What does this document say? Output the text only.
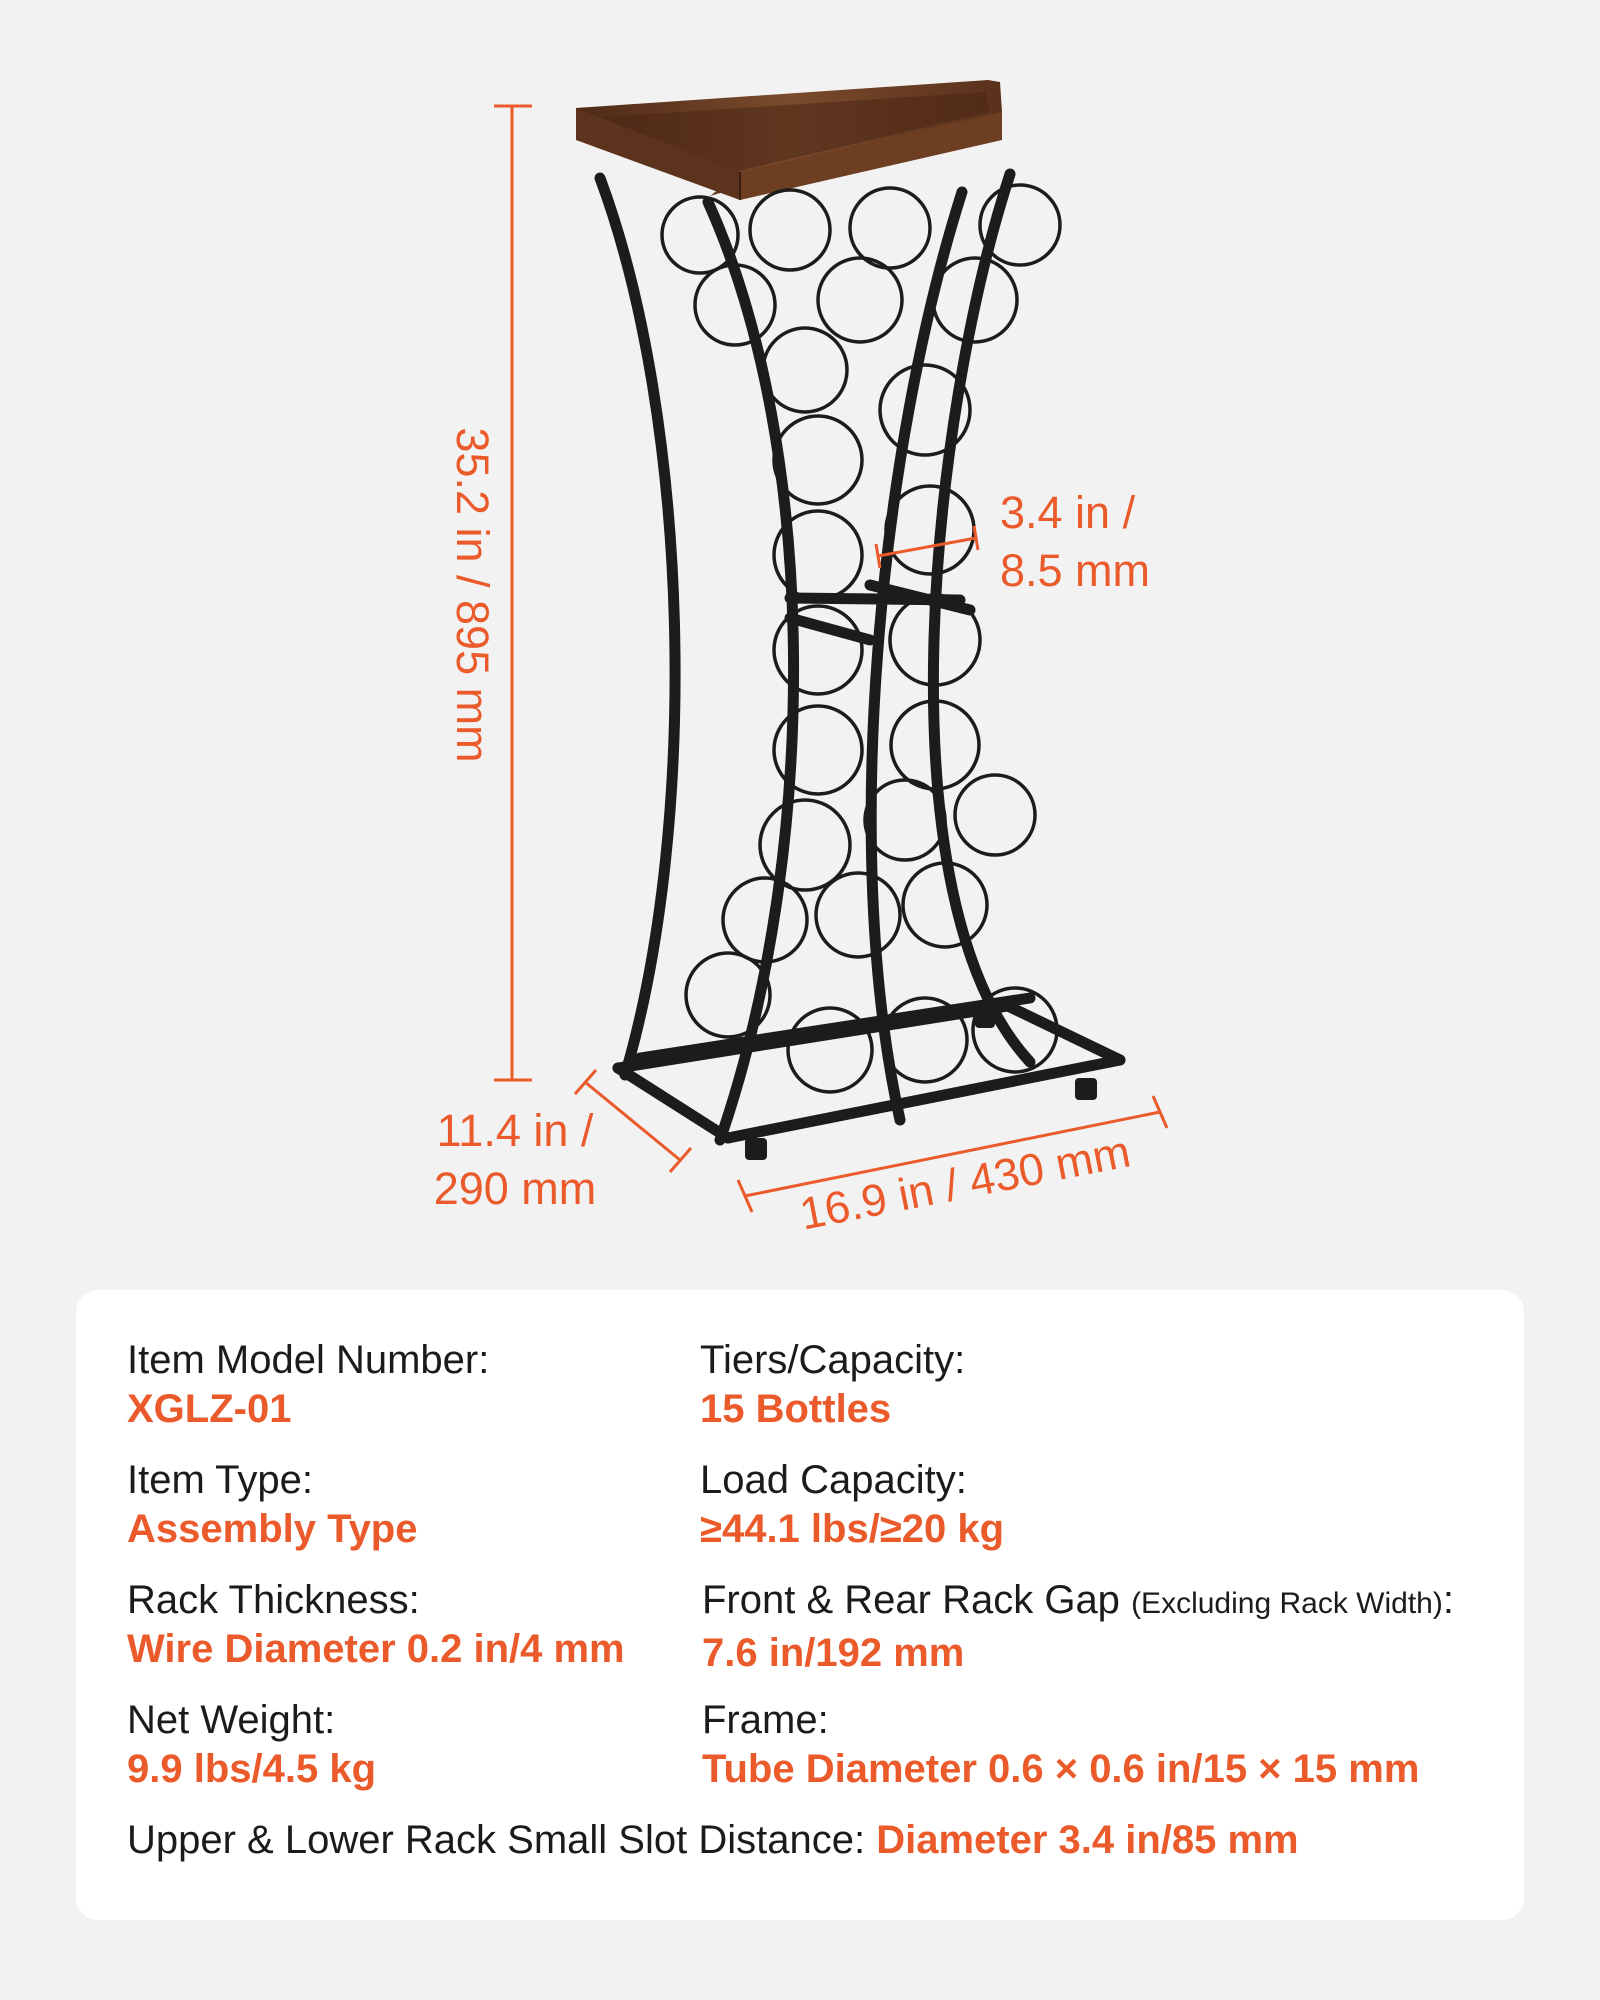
35.2 in / 895 mm	3.4 in /
8.5 mm
11.4 in /
290 mm	16.9 in / 430 mm
Item Model Number:
XGLZ-01
Tiers/Capacity:
15 Bottles
Item Type:
Assembly Type
Load Capacity:
≥44.1 lbs/≥20 kg
Rack Thickness:
Wire Diameter 0.2 in/4 mm
Front & Rear Rack Gap (Excluding Rack Width):
7.6 in/192 mm
Net Weight:
9.9 lbs/4.5 kg
Frame:
Tube Diameter 0.6 × 0.6 in/15 × 15 mm
Upper & Lower Rack Small Slot Distance: Diameter 3.4 in/85 mm
